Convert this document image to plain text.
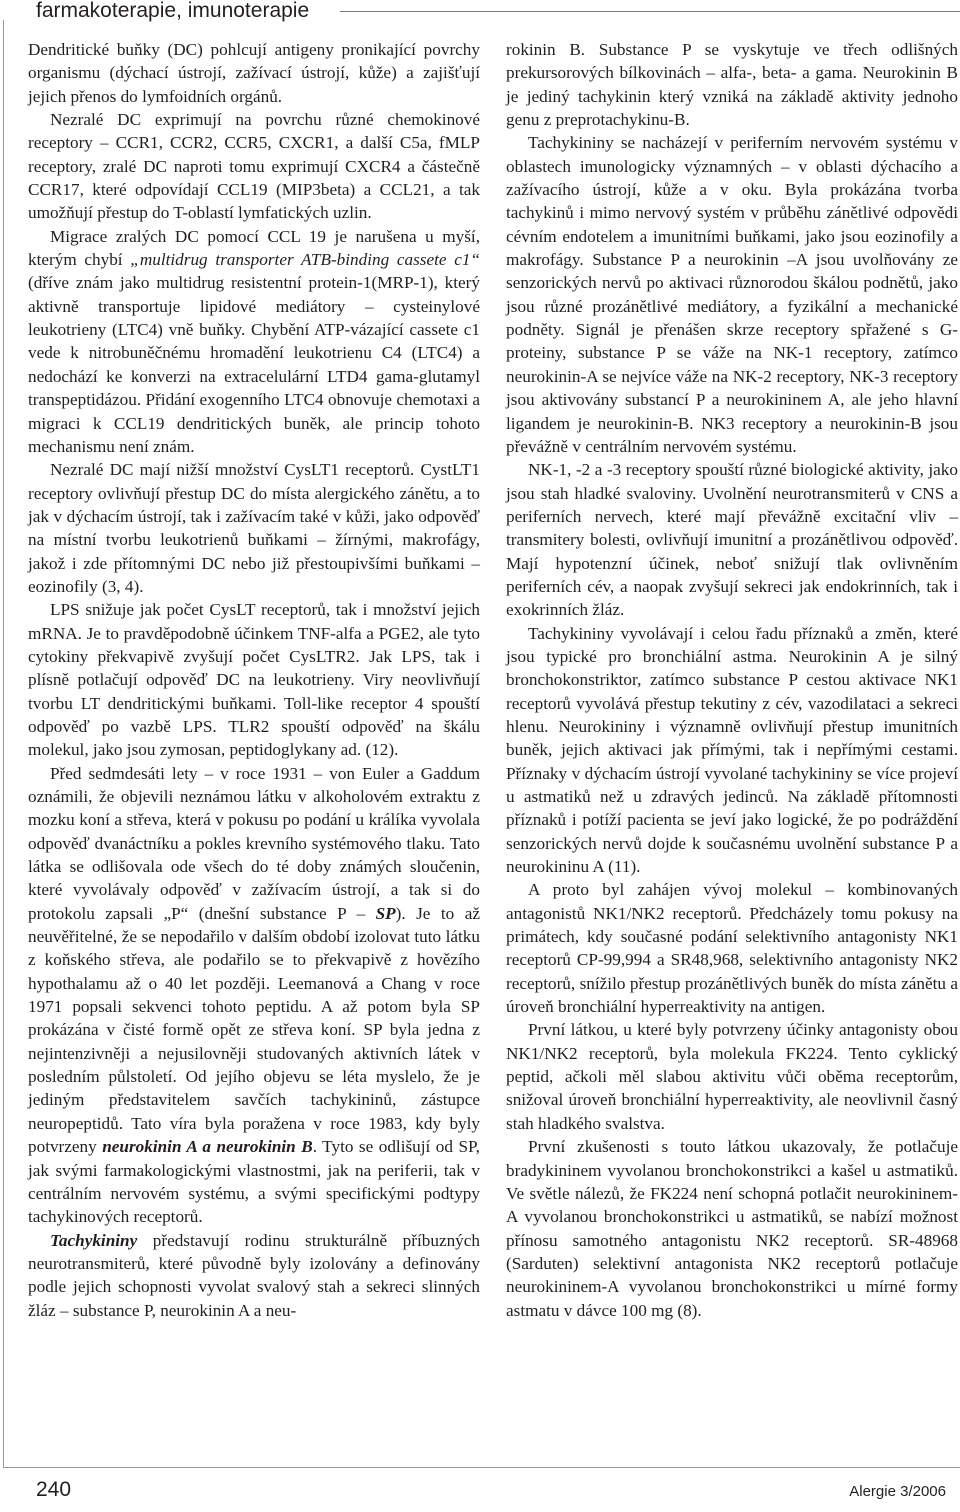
farmakoterapie, imunoterapie

Dendritické buňky (DC) pohlcují antigeny pronikající povrchy organismu (dýchací ústrojí, zažívací ústrojí, kůže) a zajišťují jejich přenos do lymfoidních orgánů.

Nezralé DC exprimují na povrchu různé chemokinové receptory – CCR1, CCR2, CCR5, CXCR1, a další C5a, fMLP receptory, zralé DC naproti tomu exprimují CXCR4 a částečně CCR17, které odpovídají CCL19 (MIP3beta) a CCL21, a tak umožňují přestup do T-oblastí lymfatických uzlin.

Migrace zralých DC pomocí CCL 19 je narušena u myší, kterým chybí „multidrug transporter ATB-binding cassete c1“ (dříve znám jako multidrug resistentní protein-1(MRP-1), který aktivně transportuje lipidové mediátory – cysteinylové leukotrieny (LTC4) vně buňky. Chybění ATP-vázající cassete c1 vede k nitrobuněčnému hromadění leukotrienu C4 (LTC4) a nedochází ke konverzi na extracelulární LTD4 gama-glutamyl transpeptidázou. Přidání exogenního LTC4 obnovuje chemotaxi a migraci k CCL19 dendritických buněk, ale princip tohoto mechanismu není znám.

Nezralé DC mají nižší množství CysLT1 receptorů. CystLT1 receptory ovlivňují přestup DC do místa alergického zánětu, a to jak v dýchacím ústrojí, tak i zažívacím také v kůži, jako odpověď na místní tvorbu leukotrienů buňkami – žírnými, makrofágy, jakož i zde přítomnými DC nebo již přestoupivšími buňkami – eozinofily (3, 4).

LPS snižuje jak počet CysLT receptorů, tak i množství jejich mRNA. Je to pravděpodobně účinkem TNF-alfa a PGE2, ale tyto cytokiny překvapivě zvyšují počet CysLTR2. Jak LPS, tak i plísně potlačují odpověď DC na leukotrieny. Viry neovlivňují tvorbu LT dendritickými buňkami. Toll-like receptor 4 spouští odpověď po vazbě LPS. TLR2 spouští odpověď na škálu molekul, jako jsou zymosan, peptidoglykany ad. (12).

Před sedmdesáti lety – v roce 1931 – von Euler a Gaddum oznámili, že objevili neznámou látku v alkoholovém extraktu z mozku koní a střeva, která v pokusu po podání u králíka vyvolala odpověď dvanáctníku a pokles krevního systémového tlaku. Tato látka se odlišovala ode všech do té doby známých sloučenin, které vyvolávaly odpověď v zažívacím ústrojí, a tak si do protokolu zapsali „P“ (dnešní substance P – SP). Je to až neuvěřitelné, že se nepodařilo v dalším období izolovat tuto látku z koňského střeva, ale podařilo se to překvapivě z hovězího hypothalamu až o 40 let později. Leemanová a Chang v roce 1971 popsali sekvenci tohoto peptidu. A až potom byla SP prokázána v čisté formě opět ze střeva koní. SP byla jedna z nejintenzivněji a nejusilovněji studovaných aktivních látek v posledním půlstoletí. Od jejího objevu se léta myslelo, že je jediným představitelem savčích tachykininů, zástupce neuropeptidů. Tato víra byla poražena v roce 1983, kdy byly potvrzeny neurokinin A a neurokinin B. Tyto se odlišují od SP, jak svými farmakologickými vlastnostmi, jak na periferii, tak v centrálním nervovém systému, a svými specifickými podtypy tachykinových receptorů.

Tachykininy představují rodinu strukturálně příbuzných neurotransmiterů, které původně byly izolovány a definovány podle jejich schopnosti vyvolat svalový stah a sekreci slinných žláz – substance P, neurokinin A a neu-

rokinin B. Substance P se vyskytuje ve třech odlišných prekursorových bílkovinách – alfa-, beta- a gama. Neurokinin B je jediný tachykinin který vzniká na základě aktivity jednoho genu z preprotachykinu-B.

Tachykininy se nacházejí v periferním nervovém systému v oblastech imunologicky významných – v oblasti dýchacího a zažívacího ústrojí, kůže a v oku. Byla prokázána tvorba tachykinů i mimo nervový systém v průběhu zánětlivé odpovědi cévním endotelem a imunitními buňkami, jako jsou eozinofily a makrofágy. Substance P a neurokinin –A jsou uvolňovány ze senzorických nervů po aktivaci různorodou škálou podnětů, jako jsou různé prozánětlivé mediátory, a fyzikální a mechanické podněty. Signál je přenášen skrze receptory spřažené s G-proteiny, substance P se váže na NK-1 receptory, zatímco neurokinin-A se nejvíce váže na NK-2 receptory, NK-3 receptory jsou aktivovány substancí P a neurokininem A, ale jeho hlavní ligandem je neurokinin-B. NK3 receptory a neurokinin-B jsou převážně v centrálním nervovém systému.

NK-1, -2 a -3 receptory spouští různé biologické aktivity, jako jsou stah hladké svaloviny. Uvolnění neurotransmiterů v CNS a periferních nervech, které mají převážně excitační vliv – transmitery bolesti, ovlivňují imunitní a prozánětlivou odpověď. Mají hypotenzní účinek, neboť snižují tlak ovlivněním periferních cév, a naopak zvyšují sekreci jak endokrinních, tak i exokrinních žláz.

Tachykininy vyvolávají i celou řadu příznaků a změn, které jsou typické pro bronchiální astma. Neurokinin A je silný bronchokonstriktor, zatímco substance P cestou aktivace NK1 receptorů vyvolává přestup tekutiny z cév, vazodilataci a sekreci hlenu. Neurokininy i významně ovlivňují přestup imunitních buněk, jejich aktivaci jak přímými, tak i nepřímými cestami. Příznaky v dýchacím ústrojí vyvolané tachykininy se více projeví u astmatiků než u zdravých jedinců. Na základě přítomnosti příznaků i potíží pacienta se jeví jako logické, že po podráždění senzorických nervů dojde k současnému uvolnění substance P a neurokininu A (11).

A proto byl zahájen vývoj molekul – kombinovaných antagonistů NK1/NK2 receptorů. Předcházely tomu pokusy na primátech, kdy současné podání selektivního antagonisty NK1 receptorů CP-99,994 a SR48,968, selektivního antagonisty NK2 receptorů, snížilo přestup prozánětlivých buněk do místa zánětu a úroveň bronchiální hyperreaktivity na antigen.

První látkou, u které byly potvrzeny účinky antagonisty obou NK1/NK2 receptorů, byla molekula FK224. Tento cyklický peptid, ačkoli měl slabou aktivitu vůči oběma receptorům, snižoval úroveň bronchiální hyperreaktivity, ale neovlivnil časný stah hladkého svalstva.

První zkušenosti s touto látkou ukazovaly, že potlačuje bradykininem vyvolanou bronchokonstrikci a kašel u astmatiků. Ve světle nálezů, že FK224 není schopná potlačit neurokininem-A vyvolanou bronchokonstrikci u astmatiků, se nabízí možnost přínosu samotného antagonistu NK2 receptorů. SR-48968 (Sarduten) selektivní antagonista NK2 receptorů potlačuje neurokininem-A vyvolanou bronchokonstrikci u mírné formy astmatu v dávce 100 mg (8).

240	Alergie 3/2006
